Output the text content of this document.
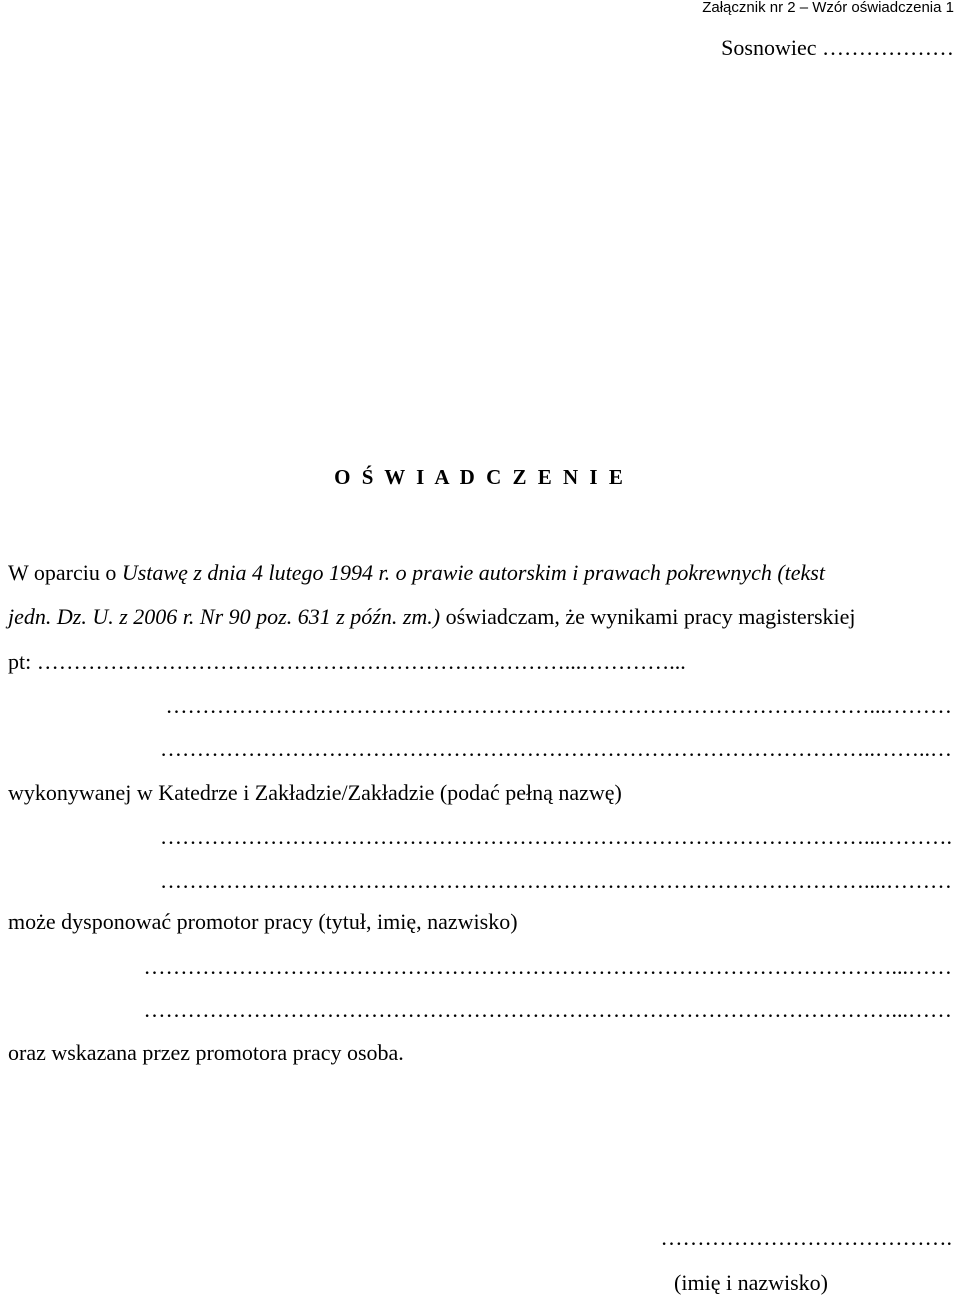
Załącznik nr 2 – Wzór oświadczenia 1

Sosnowiec ………………

O Ś W I A D C Z E N I E

W oparciu o Ustawę z dnia 4 lutego 1994 r. o prawie autorskim i prawach pokrewnych (tekst

jedn. Dz. U. z 2006 r. Nr 90 poz. 631 z późn. zm.) oświadczam, że wynikami pracy magisterskiej

pt: ………………………………………………………………...…………...

……………………………………………………………………………………...………

……………………………………………………………………………………..……..…

wykonywanej w Katedrze i Zakładzie/Zakładzie (podać pełną nazwę)

……………………………………………………………………………………...……….

……………………………………………………………………………………....………

może dysponować promotor pracy (tytuł, imię, nazwisko)

…………………………………………………………………………………………...……

…………………………………………………………………………………………...……

oraz wskazana przez promotora pracy osoba.

………………………………….

(imię i nazwisko)
